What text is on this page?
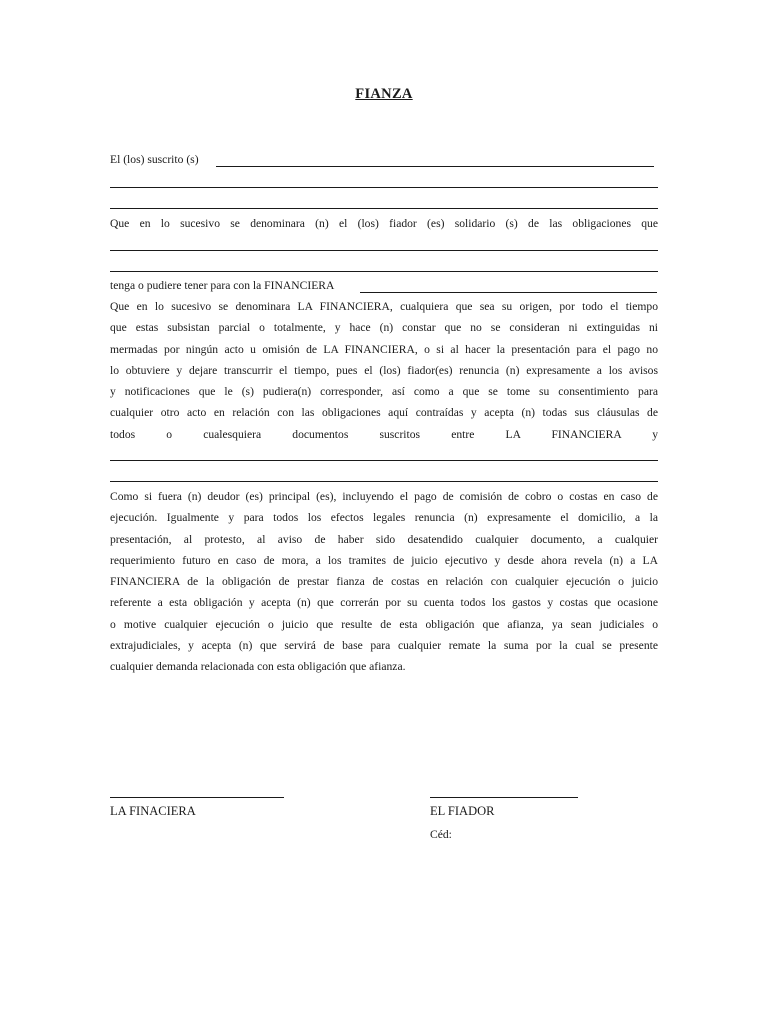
FIANZA
El (los) suscrito (s)
Que en lo sucesivo se denominara (n) el (los) fiador (es) solidario (s) de las obligaciones que
tenga o pudiere tener para con la FINANCIERA
Que en lo sucesivo se denominara LA FINANCIERA, cualquiera que sea su origen, por todo el tiempo
que estas subsistan parcial o totalmente, y hace (n) constar que no se consideran ni extinguidas ni
mermadas por ningún acto u omisión de LA FINANCIERA, o si al hacer la presentación para el pago no
lo obtuviere y dejare transcurrir el tiempo, pues el (los) fiador(es) renuncia (n) expresamente a los avisos
y notificaciones que le (s) pudiera(n) corresponder, así como a que se tome su consentimiento para
cualquier otro acto en relación con las obligaciones aquí contraídas y acepta (n) todas sus cláusulas de
todos o cualesquiera documentos suscritos entre LA FINANCIERA y
Como si fuera (n) deudor (es) principal (es), incluyendo el pago de comisión de cobro o costas en caso de
ejecución. Igualmente y para todos los efectos legales renuncia (n) expresamente el domicilio, a la
presentación, al protesto, al aviso de haber sido desatendido cualquier documento, a cualquier
requerimiento futuro en caso de mora, a los tramites de juicio ejecutivo y desde ahora revela (n) a LA
FINANCIERA de la obligación de prestar fianza de costas en relación con cualquier ejecución o juicio
referente a esta obligación y acepta (n) que correrán por su cuenta todos los gastos y costas que ocasione
o motive cualquier ejecución o juicio que resulte de esta obligación que afianza, ya sean judiciales o
extrajudiciales, y acepta (n) que servirá de base para cualquier remate la suma por la cual se presente
cualquier demanda relacionada con esta obligación que afianza.
LA FINACIERA	EL FIADOR
Céd:
